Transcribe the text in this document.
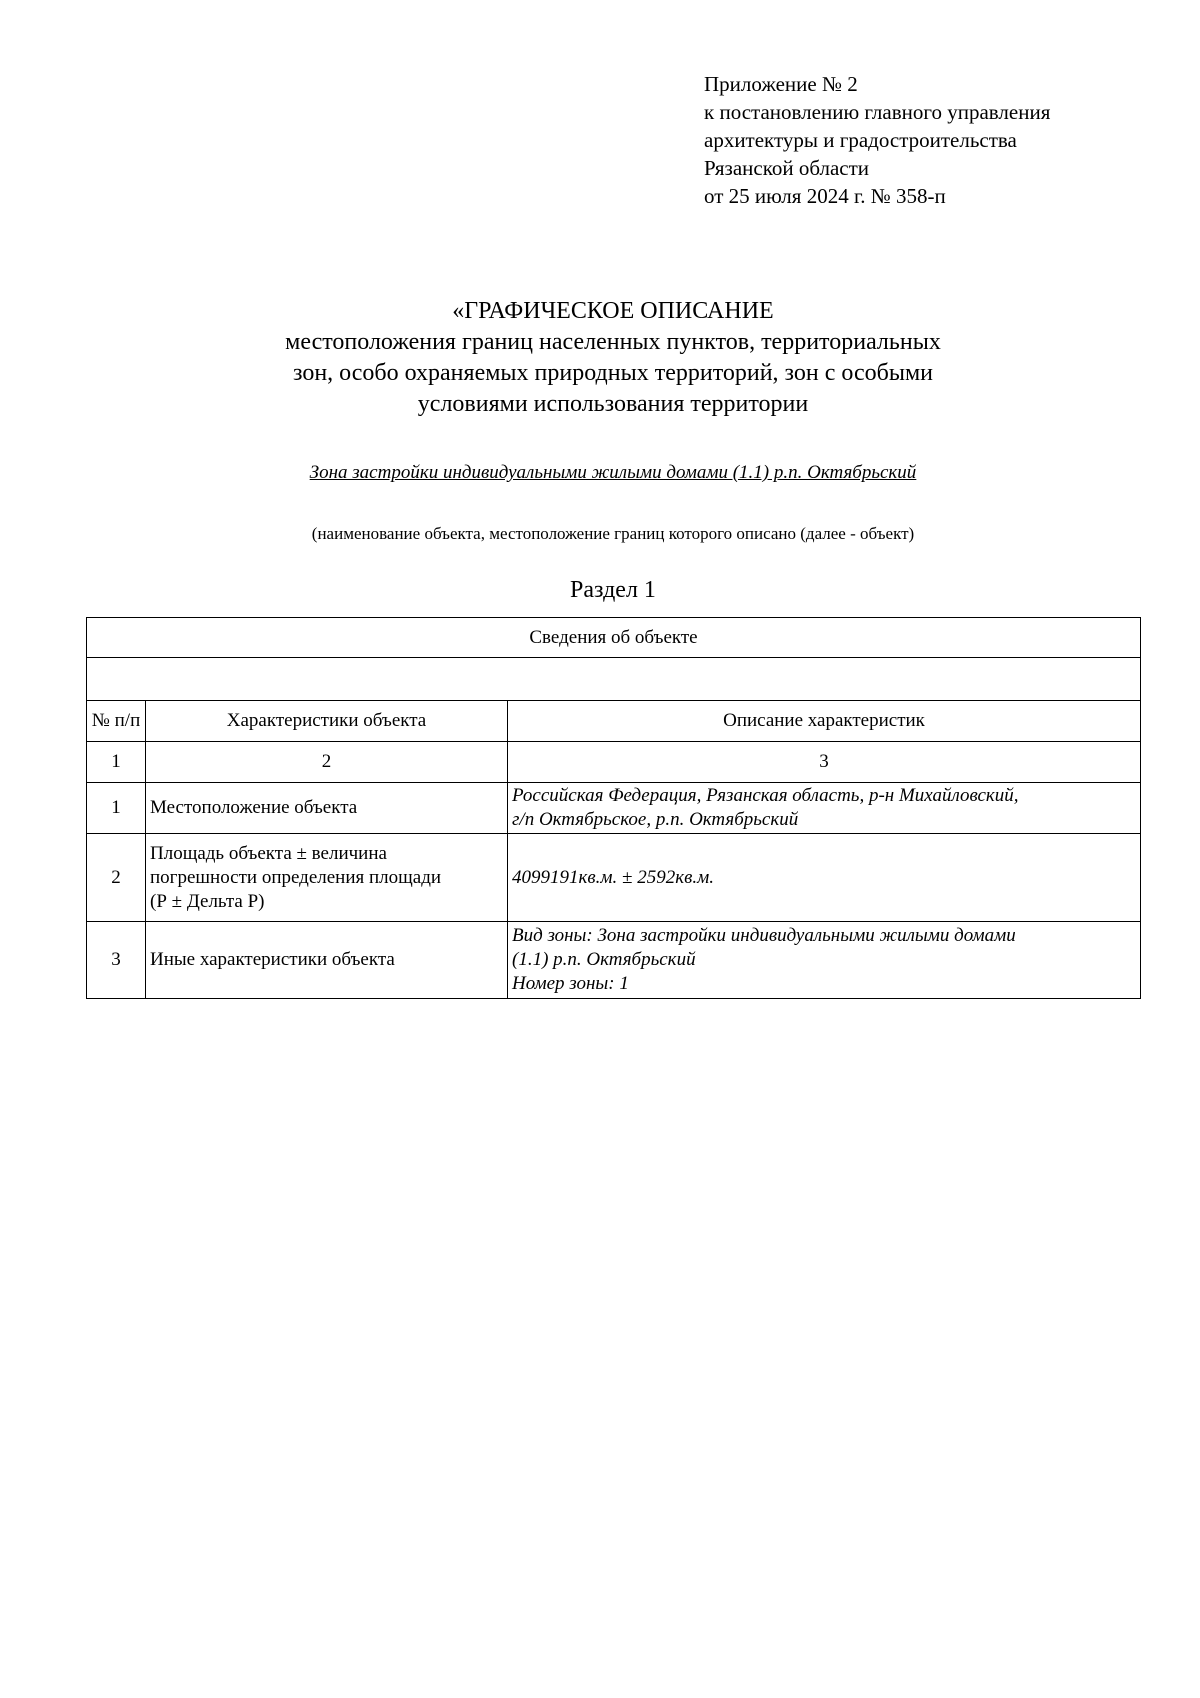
Приложение № 2
к постановлению главного управления
архитектуры и градостроительства
Рязанской области
от 25 июля 2024 г. № 358-п
«ГРАФИЧЕСКОЕ ОПИСАНИЕ
местоположения границ населенных пунктов, территориальных
зон, особо охраняемых природных территорий, зон с особыми
условиями использования территории
Зона застройки индивидуальными жилыми домами (1.1) р.п. Октябрьский
(наименование объекта, местоположение границ которого описано (далее - объект)
Раздел 1
Сведения об объекте		

№ п/п	Характеристики объекта	Описание характеристик
1	2	3
1	Местоположение объекта	Российская Федерация, Рязанская область, р-н Михайловский,
г/п Октябрьское, р.п. Октябрьский

2	Площадь объекта ± величина
погрешности определения площади
(Р ± Дельта Р)	4099191кв.м. ± 2592кв.м.

3	Иные характеристики объекта	Вид зоны: Зона застройки индивидуальными жилыми домами
(1.1) р.п. Октябрьский
Номер зоны: 1
